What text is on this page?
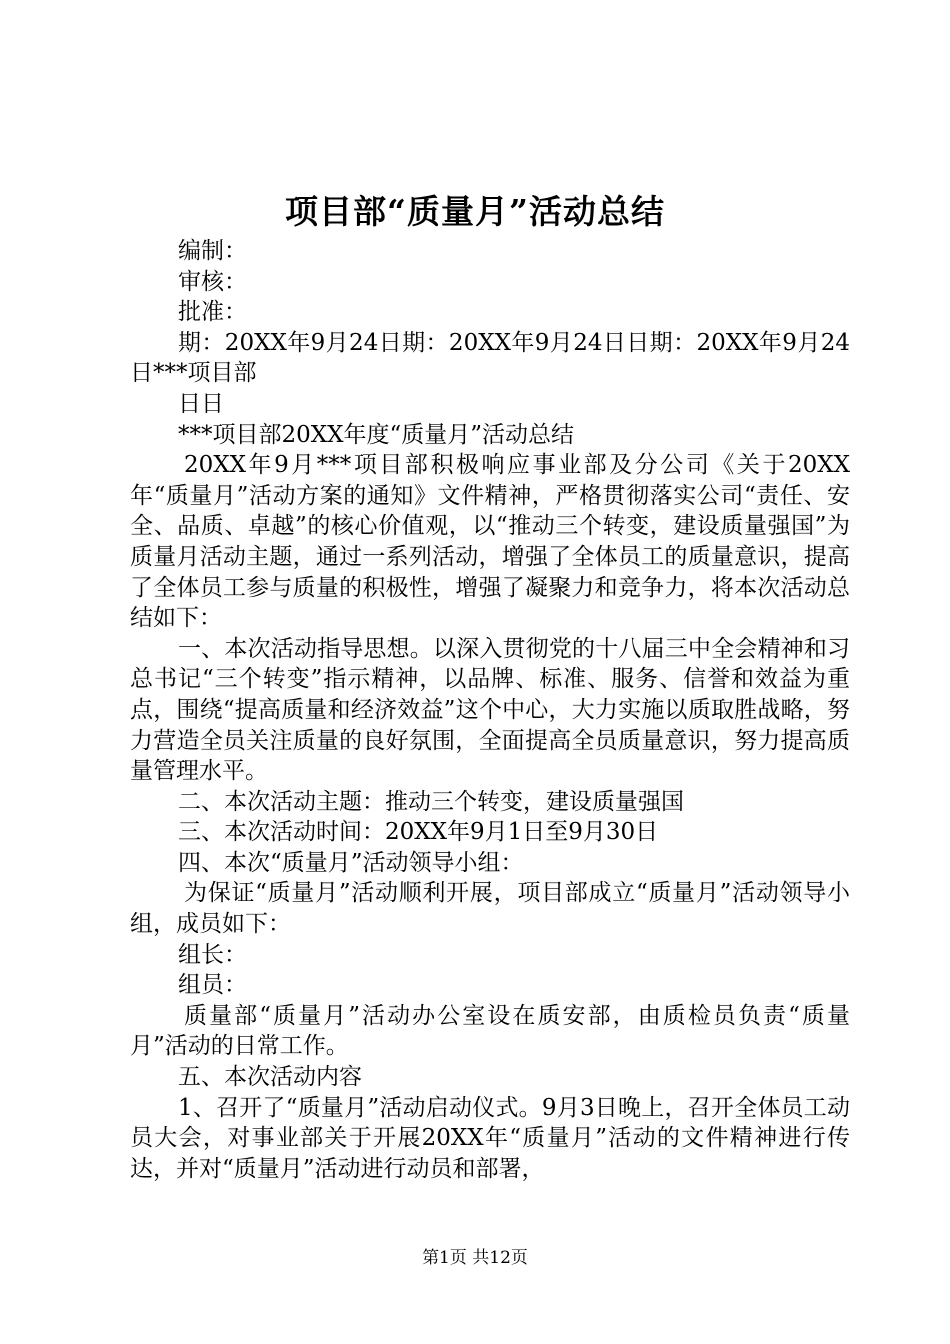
项目部“质量月”活动总结

编制：

审核：

批准：

期：20XX年9月24日期：20XX年9月24日日期：20XX年9月24日***项目部

日日

***项目部20XX年度“质量月”活动总结

20XX年9月***项目部积极响应事业部及分公司《关于20XX年“质量月”活动方案的通知》文件精神，严格贯彻落实公司“责任、安全、品质、卓越”的核心价值观，以“推动三个转变，建设质量强国”为质量月活动主题，通过一系列活动，增强了全体员工的质量意识，提高了全体员工参与质量的积极性，增强了凝聚力和竞争力，将本次活动总结如下：

一、本次活动指导思想。以深入贯彻党的十八届三中全会精神和习总书记“三个转变”指示精神，以品牌、标准、服务、信誉和效益为重点，围绕“提高质量和经济效益”这个中心，大力实施以质取胜战略，努力营造全员关注质量的良好氛围，全面提高全员质量意识，努力提高质量管理水平。

二、本次活动主题：推动三个转变，建设质量强国

三、本次活动时间：20XX年9月1日至9月30日

四、本次“质量月”活动领导小组：

为保证“质量月”活动顺利开展，项目部成立“质量月”活动领导小组，成员如下：

组长：

组员：

质量部“质量月”活动办公室设在质安部，由质检员负责“质量月”活动的日常工作。

五、本次活动内容

1、召开了“质量月”活动启动仪式。9月3日晚上，召开全体员工动员大会，对事业部关于开展20XX年“质量月”活动的文件精神进行传达，并对“质量月”活动进行动员和部署，

第1页 共12页
